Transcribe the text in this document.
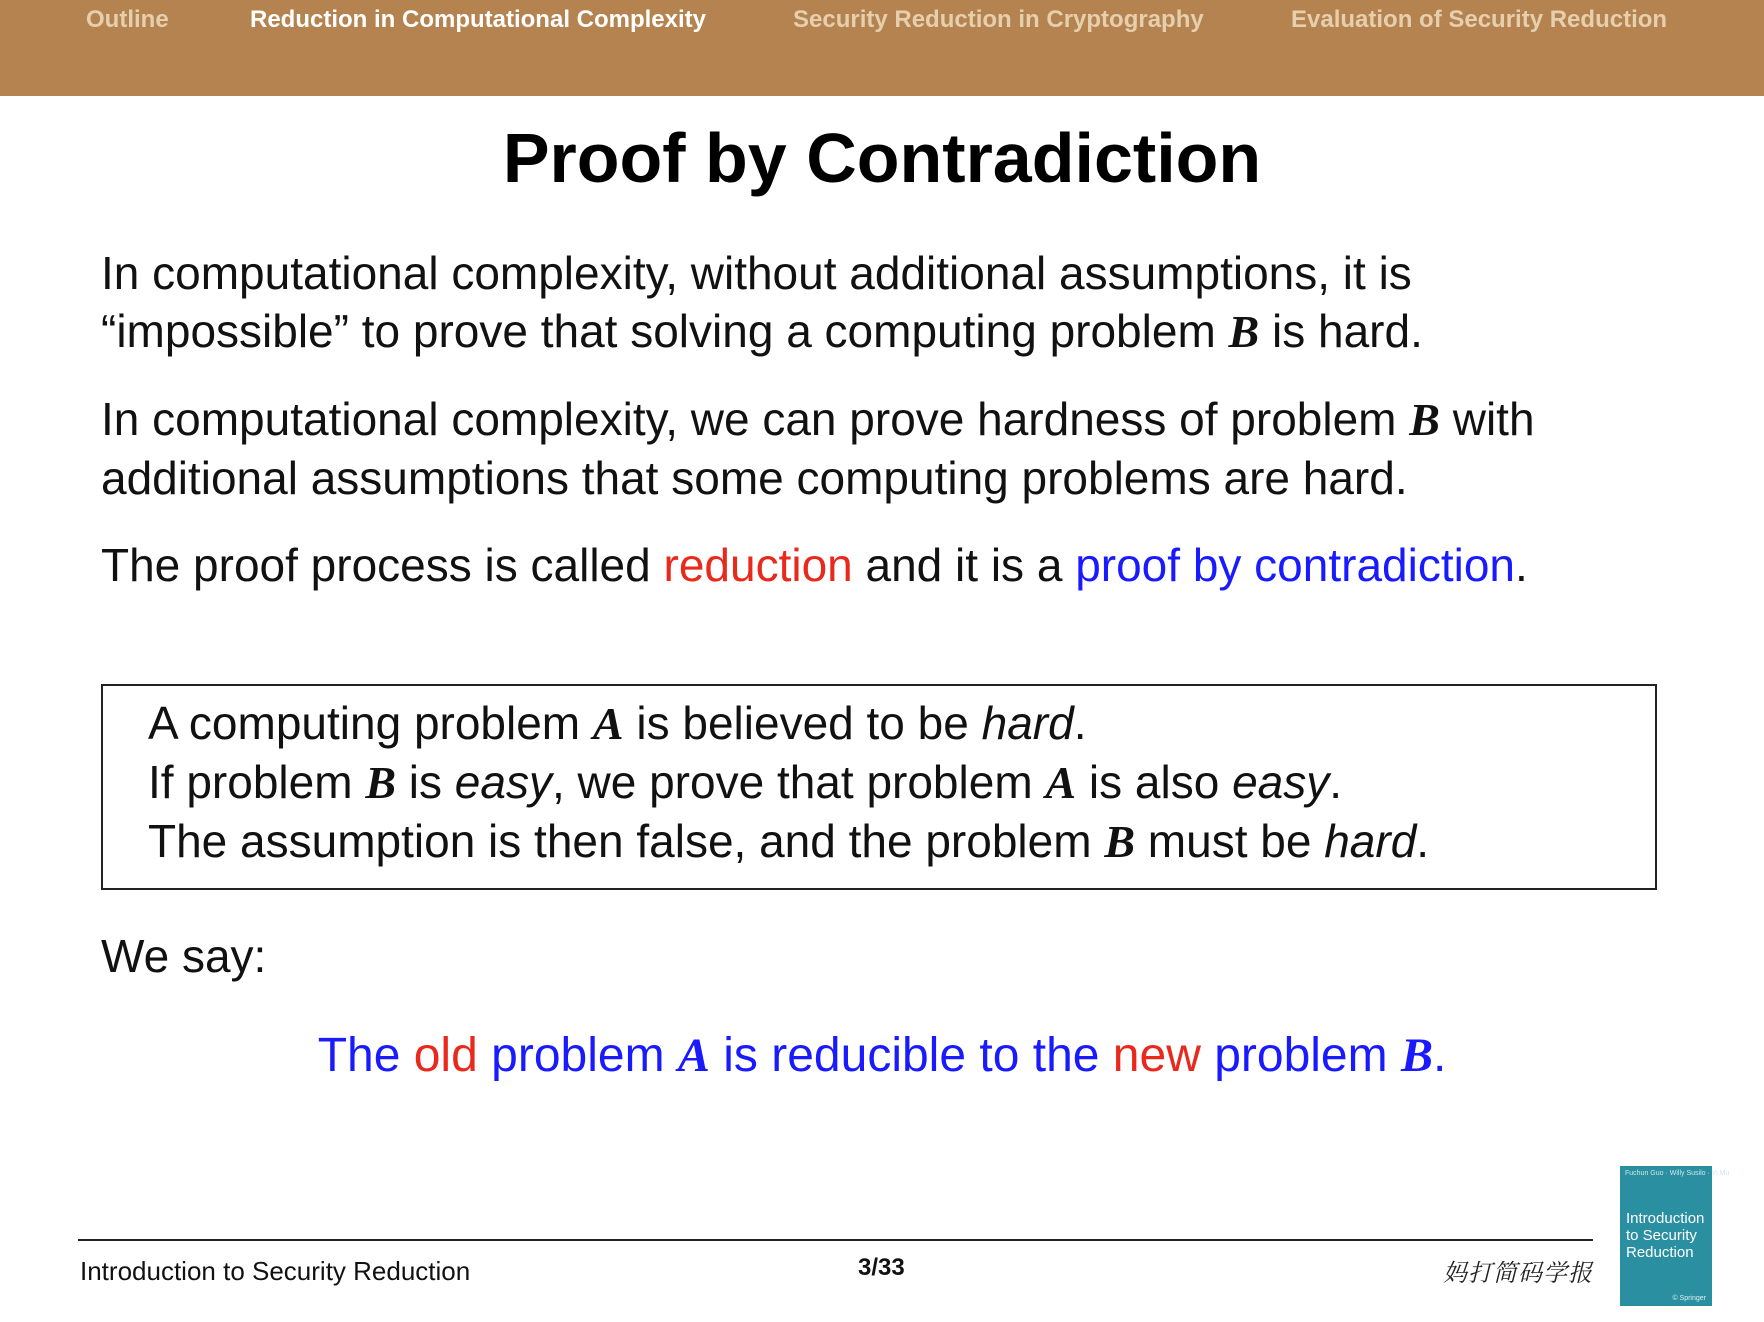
Outline	Reduction in Computational Complexity	Security Reduction in Cryptography	Evaluation of Security Reduction
Proof by Contradiction
In computational complexity, without additional assumptions, it is
“impossible” to prove that solving a computing problem B is hard.
In computational complexity, we can prove hardness of problem B with
additional assumptions that some computing problems are hard.
The proof process is called reduction and it is a proof by contradiction.
A computing problem A is believed to be hard.
If problem B is easy, we prove that problem A is also easy.
The assumption is then false, and the problem B must be hard.
We say:
The old problem A is reducible to the new problem B.
Introduction to Security Reduction	3/33	妈打简码学报
Fuchun Guo · Willy Susilo · Yi Mu
Introduction
to Security
Reduction
© Springer
